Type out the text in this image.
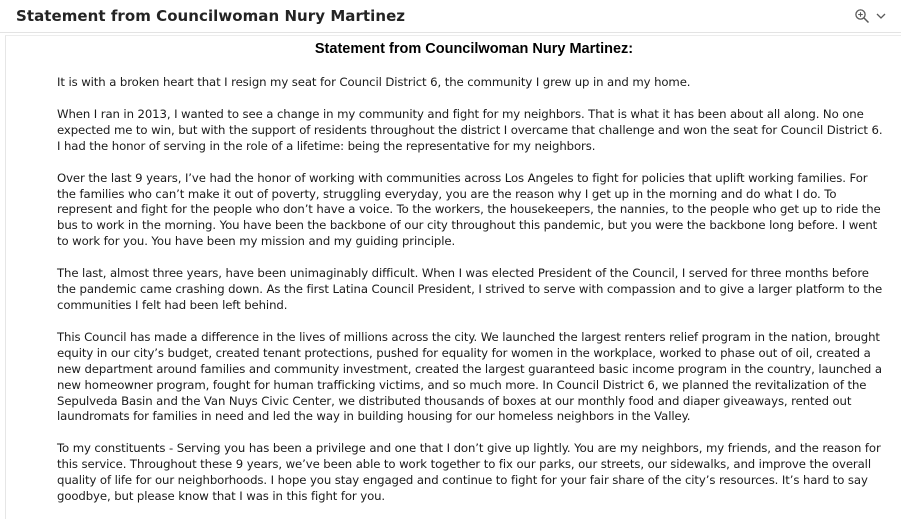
Statement from Councilwoman Nury Martinez
Statement from Councilwoman Nury Martinez:

It is with a broken heart that I resign my seat for Council District 6, the community I grew up in and my home.

When I ran in 2013, I wanted to see a change in my community and fight for my neighbors. That is what it has been about all along. No one expected me to win, but with the support of residents throughout the district I overcame that challenge and won the seat for Council District 6. I had the honor of serving in the role of a lifetime: being the representative for my neighbors.

Over the last 9 years, I’ve had the honor of working with communities across Los Angeles to fight for policies that uplift working families. For the families who can’t make it out of poverty, struggling everyday, you are the reason why I get up in the morning and do what I do. To represent and fight for the people who don’t have a voice. To the workers, the housekeepers, the nannies, to the people who get up to ride the bus to work in the morning. You have been the backbone of our city throughout this pandemic, but you were the backbone long before. I went to work for you. You have been my mission and my guiding principle.

The last, almost three years, have been unimaginably difficult. When I was elected President of the Council, I served for three months before the pandemic came crashing down. As the first Latina Council President, I strived to serve with compassion and to give a larger platform to the communities I felt had been left behind.

This Council has made a difference in the lives of millions across the city. We launched the largest renters relief program in the nation, brought equity in our city’s budget, created tenant protections, pushed for equality for women in the workplace, worked to phase out of oil, created a new department around families and community investment, created the largest guaranteed basic income program in the country, launched a new homeowner program, fought for human trafficking victims, and so much more. In Council District 6, we planned the revitalization of the Sepulveda Basin and the Van Nuys Civic Center, we distributed thousands of boxes at our monthly food and diaper giveaways, rented out laundromats for families in need and led the way in building housing for our homeless neighbors in the Valley.

To my constituents - Serving you has been a privilege and one that I don’t give up lightly. You are my neighbors, my friends, and the reason for this service. Throughout these 9 years, we’ve been able to work together to fix our parks, our streets, our sidewalks, and improve the overall quality of life for our neighborhoods. I hope you stay engaged and continue to fight for your fair share of the city’s resources. It’s hard to say goodbye, but please know that I was in this fight for you.
